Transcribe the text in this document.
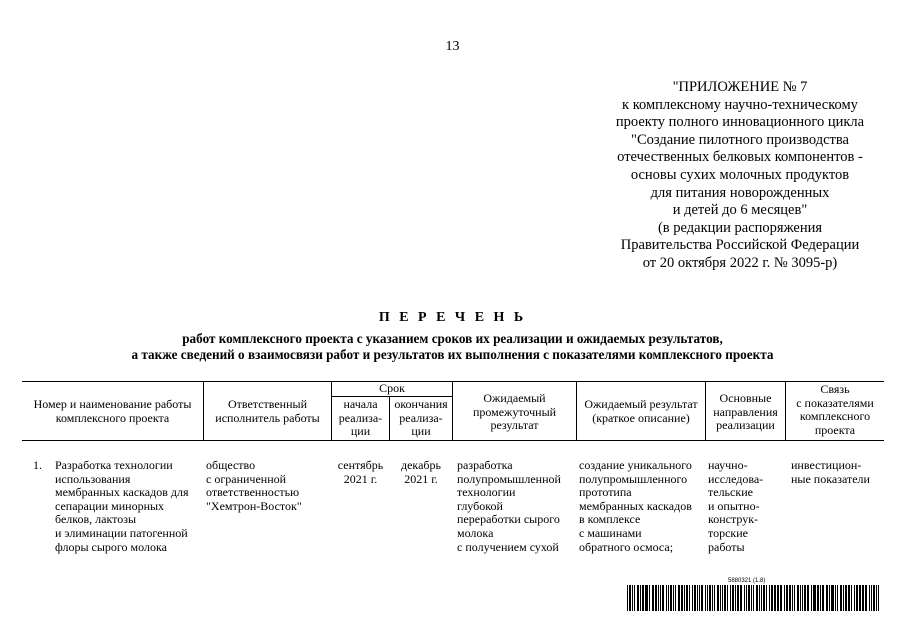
13
"ПРИЛОЖЕНИЕ № 7
к комплексному научно-техническому
проекту полного инновационного цикла
"Создание пилотного производства
отечественных белковых компонентов -
основы сухих молочных продуктов
для питания новорожденных
и детей до 6 месяцев"
(в редакции распоряжения
Правительства Российской Федерации
от 20 октября 2022 г. № 3095-р)
П Е Р Е Ч Е Н Ь
работ комплексного проекта с указанием сроков их реализации и ожидаемых результатов,
а также сведений о взаимосвязи работ и результатов их выполнения с показателями комплексного проекта
Номер и наименование работы
комплексного проекта
Ответственный
исполнитель работы
Срок
начала
реализа-
ции
окончания
реализа-
ции
Ожидаемый
промежуточный
результат
Ожидаемый результат
(краткое описание)
Основные
направления
реализации
Связь
с показателями
комплексного
проекта
1. Разработка технологии
использования
мембранных каскадов для
сепарации минорных
белков, лактозы
и элиминации патогенной
флоры сырого молока
общество
с ограниченной
ответственностью
"Хемтрон-Восток"
сентябрь
2021 г.
декабрь
2021 г.
разработка
полупромышленной
технологии
глубокой
переработки сырого
молока
с получением сухой
создание уникального
полупромышленного
прототипа
мембранных каскадов
в комплексе
с машинами
обратного осмоса;
научно-
исследова-
тельские
и опытно-
конструк-
торские
работы
инвестицион-
ные показатели
5880321 (1.8)
